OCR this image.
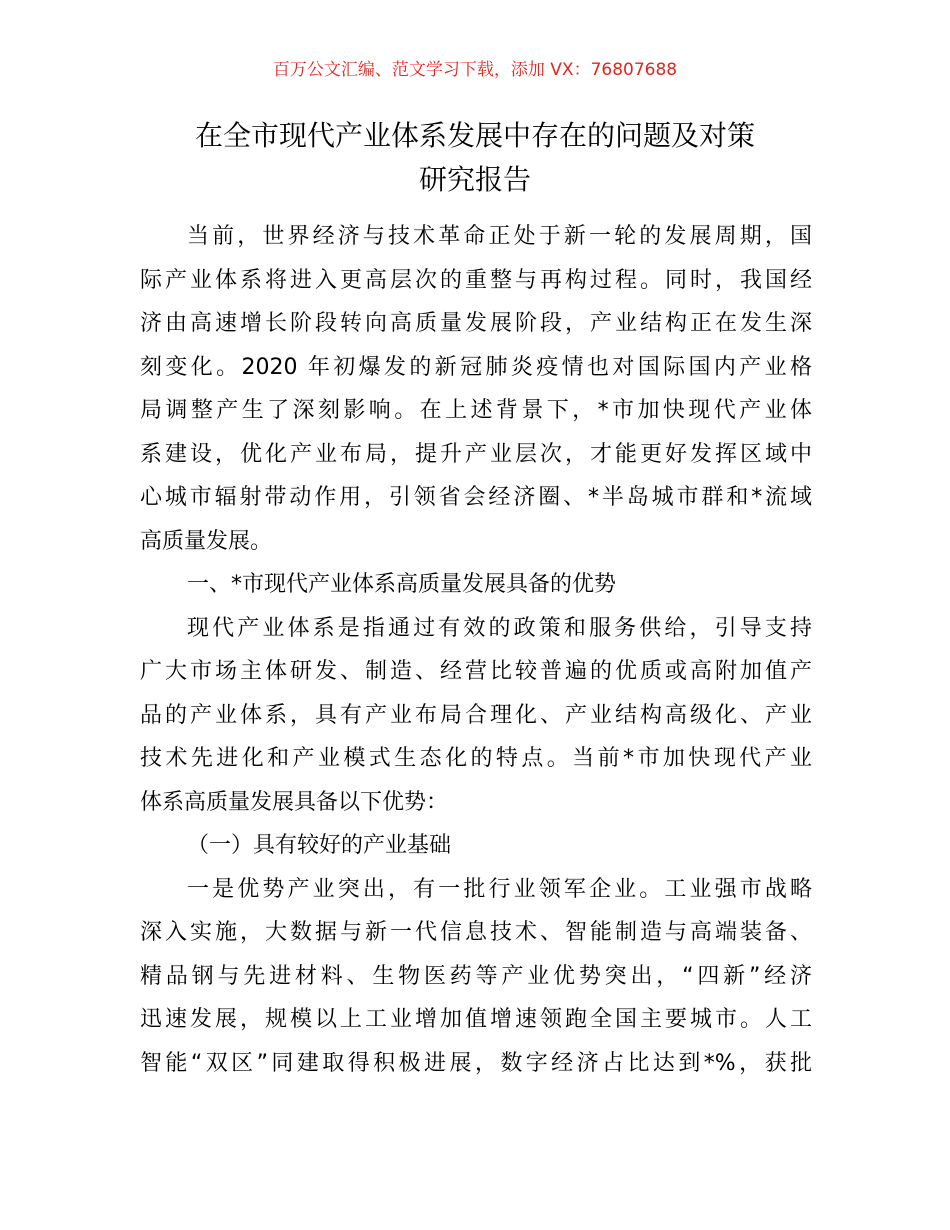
百万公文汇编、范文学习下载，添加 VX：76807688
在全市现代产业体系发展中存在的问题及对策
研究报告
当前，世界经济与技术革命正处于新一轮的发展周期，国
际产业体系将进入更高层次的重整与再构过程。同时，我国经
济由高速增长阶段转向高质量发展阶段，产业结构正在发生深
刻变化。2020 年初爆发的新冠肺炎疫情也对国际国内产业格
局调整产生了深刻影响。在上述背景下，*市加快现代产业体
系建设，优化产业布局，提升产业层次，才能更好发挥区域中
心城市辐射带动作用，引领省会经济圈、*半岛城市群和*流域
高质量发展。
一、*市现代产业体系高质量发展具备的优势
现代产业体系是指通过有效的政策和服务供给，引导支持
广大市场主体研发、制造、经营比较普遍的优质或高附加值产
品的产业体系，具有产业布局合理化、产业结构高级化、产业
技术先进化和产业模式生态化的特点。当前*市加快现代产业
体系高质量发展具备以下优势：
（一）具有较好的产业基础
一是优势产业突出，有一批行业领军企业。工业强市战略
深入实施，大数据与新一代信息技术、智能制造与高端装备、
精品钢与先进材料、生物医药等产业优势突出，“四新”经济
迅速发展，规模以上工业增加值增速领跑全国主要城市。人工
智能“双区”同建取得积极进展，数字经济占比达到*%，获批
